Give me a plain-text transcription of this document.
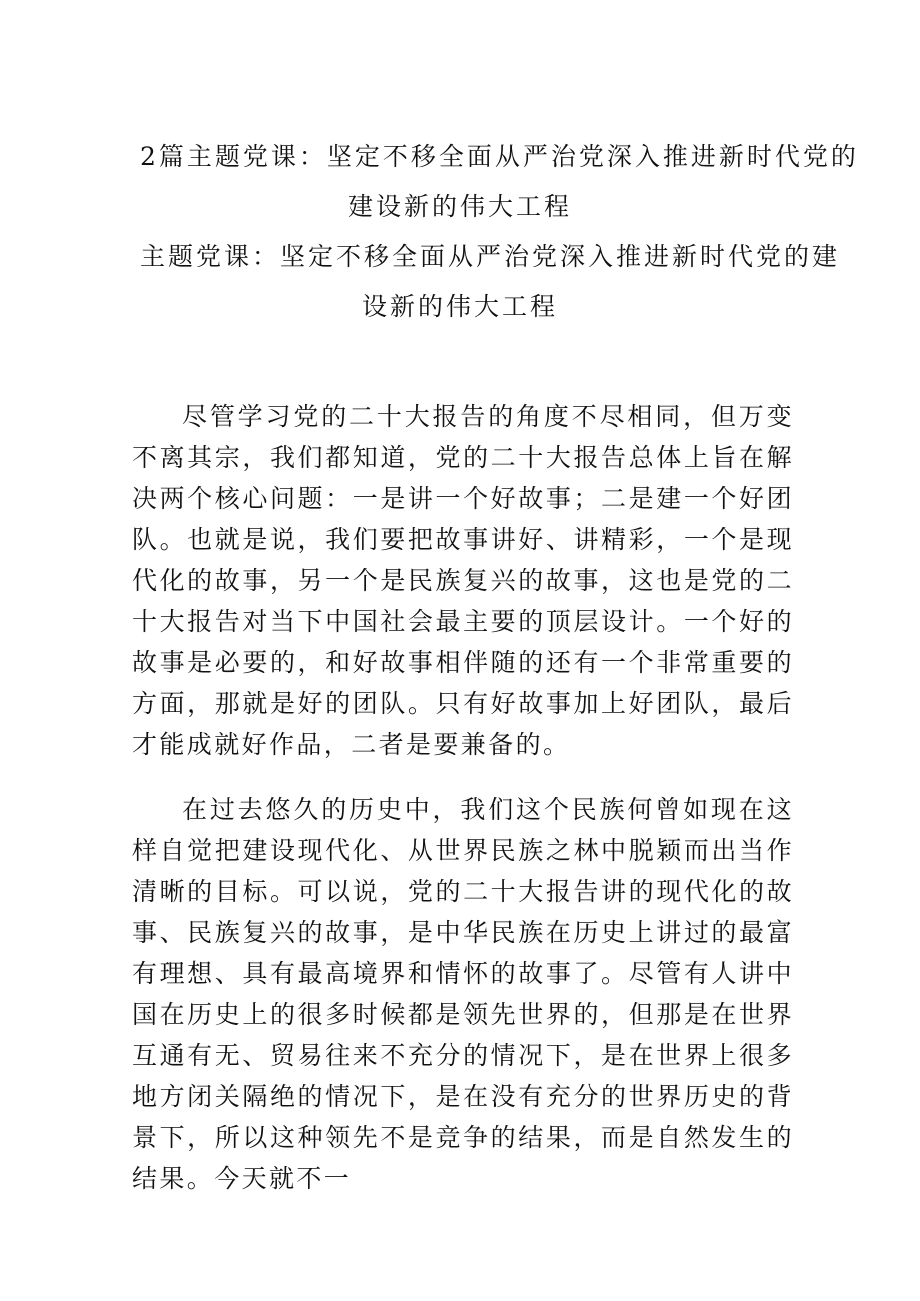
2篇主题党课：坚定不移全面从严治党深入推进新时代党的
建设新的伟大工程
主题党课：坚定不移全面从严治党深入推进新时代党的建
设新的伟大工程

尽管学习党的二十大报告的角度不尽相同，但万变不离其宗，我们都知道，党的二十大报告总体上旨在解决两个核心问题：一是讲一个好故事；二是建一个好团队。也就是说，我们要把故事讲好、讲精彩，一个是现代化的故事，另一个是民族复兴的故事，这也是党的二十大报告对当下中国社会最主要的顶层设计。一个好的故事是必要的，和好故事相伴随的还有一个非常重要的方面，那就是好的团队。只有好故事加上好团队，最后才能成就好作品，二者是要兼备的。

在过去悠久的历史中，我们这个民族何曾如现在这样自觉把建设现代化、从世界民族之林中脱颖而出当作清晰的目标。可以说，党的二十大报告讲的现代化的故事、民族复兴的故事，是中华民族在历史上讲过的最富有理想、具有最高境界和情怀的故事了。尽管有人讲中国在历史上的很多时候都是领先世界的，但那是在世界互通有无、贸易往来不充分的情况下，是在世界上很多地方闭关隔绝的情况下，是在没有充分的世界历史的背景下，所以这种领先不是竞争的结果，而是自然发生的结果。今天就不一
